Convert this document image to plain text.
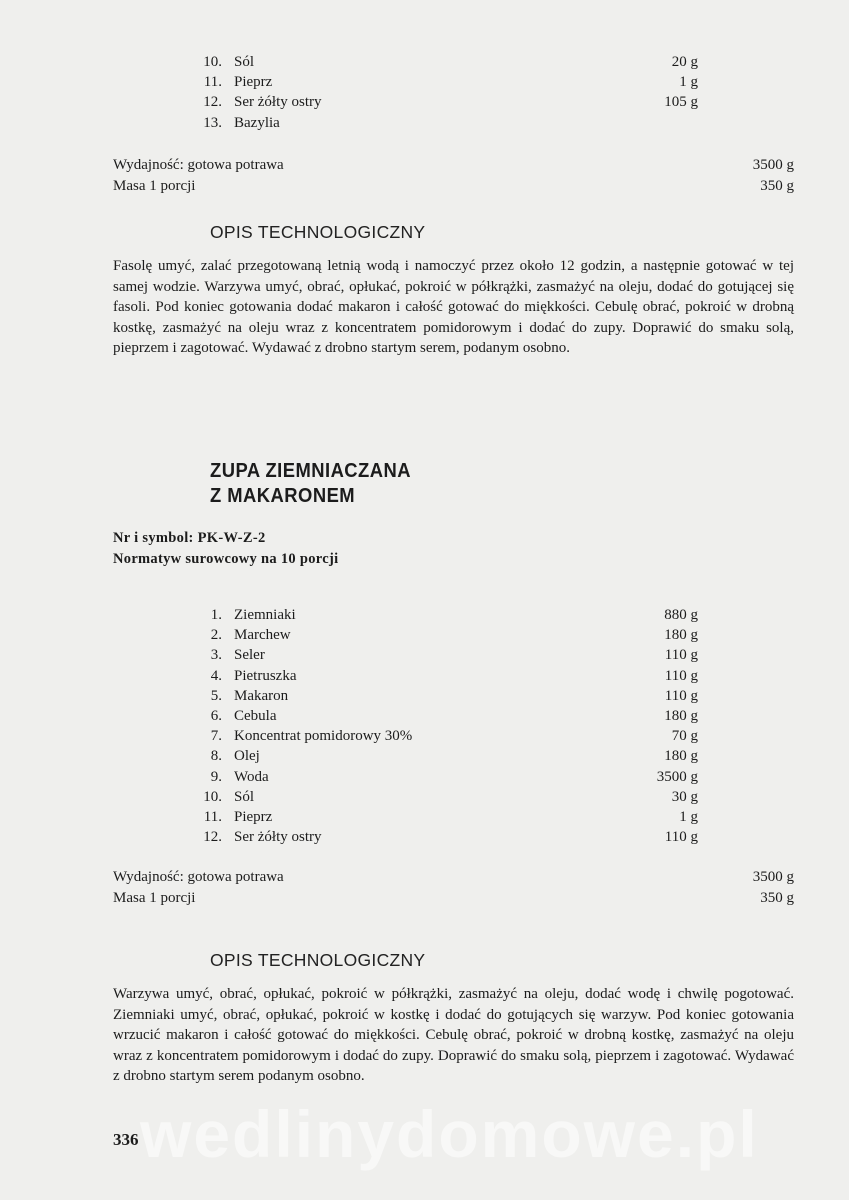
10. Sól	20 g
11. Pieprz	1 g
12. Ser żółty ostry	105 g
13. Bazylia
Wydajność: gotowa potrawa	3500 g
Masa 1 porcji	350 g
OPIS TECHNOLOGICZNY

Fasolę umyć, zalać przegotowaną letnią wodą i namoczyć przez około 12 godzin, a następnie gotować w tej samej wodzie. Warzywa umyć, obrać, opłukać, pokroić w półkrążki, zasmażyć na oleju, dodać do gotującej się fasoli. Pod koniec gotowania dodać makaron i całość gotować do miękkości. Cebulę obrać, pokroić w drobną kostkę, zasmażyć na oleju wraz z koncentratem pomidorowym i dodać do zupy. Doprawić do smaku solą, pieprzem i zagotować. Wydawać z drobno startym serem, podanym osobno.

ZUPA ZIEMNIACZANA
Z MAKARONEM

Nr i symbol: PK-W-Z-2

Normatyw surowcowy na 10 porcji

1. Ziemniaki	880 g
2. Marchew	180 g
3. Seler	110 g
4. Pietruszka	110 g
5. Makaron	110 g
6. Cebula	180 g
7. Koncentrat pomidorowy 30%	70 g
8. Olej	180 g
9. Woda	3500 g
10. Sól	30 g
11. Pieprz	1 g
12. Ser żółty ostry	110 g
Wydajność: gotowa potrawa	3500 g
Masa 1 porcji	350 g
OPIS TECHNOLOGICZNY

Warzywa umyć, obrać, opłukać, pokroić w półkrążki, zasmażyć na oleju, dodać wodę i chwilę pogotować. Ziemniaki umyć, obrać, opłukać, pokroić w kostkę i dodać do gotujących się warzyw. Pod koniec gotowania wrzucić makaron i całość gotować do miękkości. Cebulę obrać, pokroić w drobną kostkę, zasmażyć na oleju wraz z koncentratem pomidorowym i dodać do zupy. Doprawić do smaku solą, pieprzem i zagotować. Wydawać z drobno startym serem podanym osobno.

wedlinydomowe.pl
336
